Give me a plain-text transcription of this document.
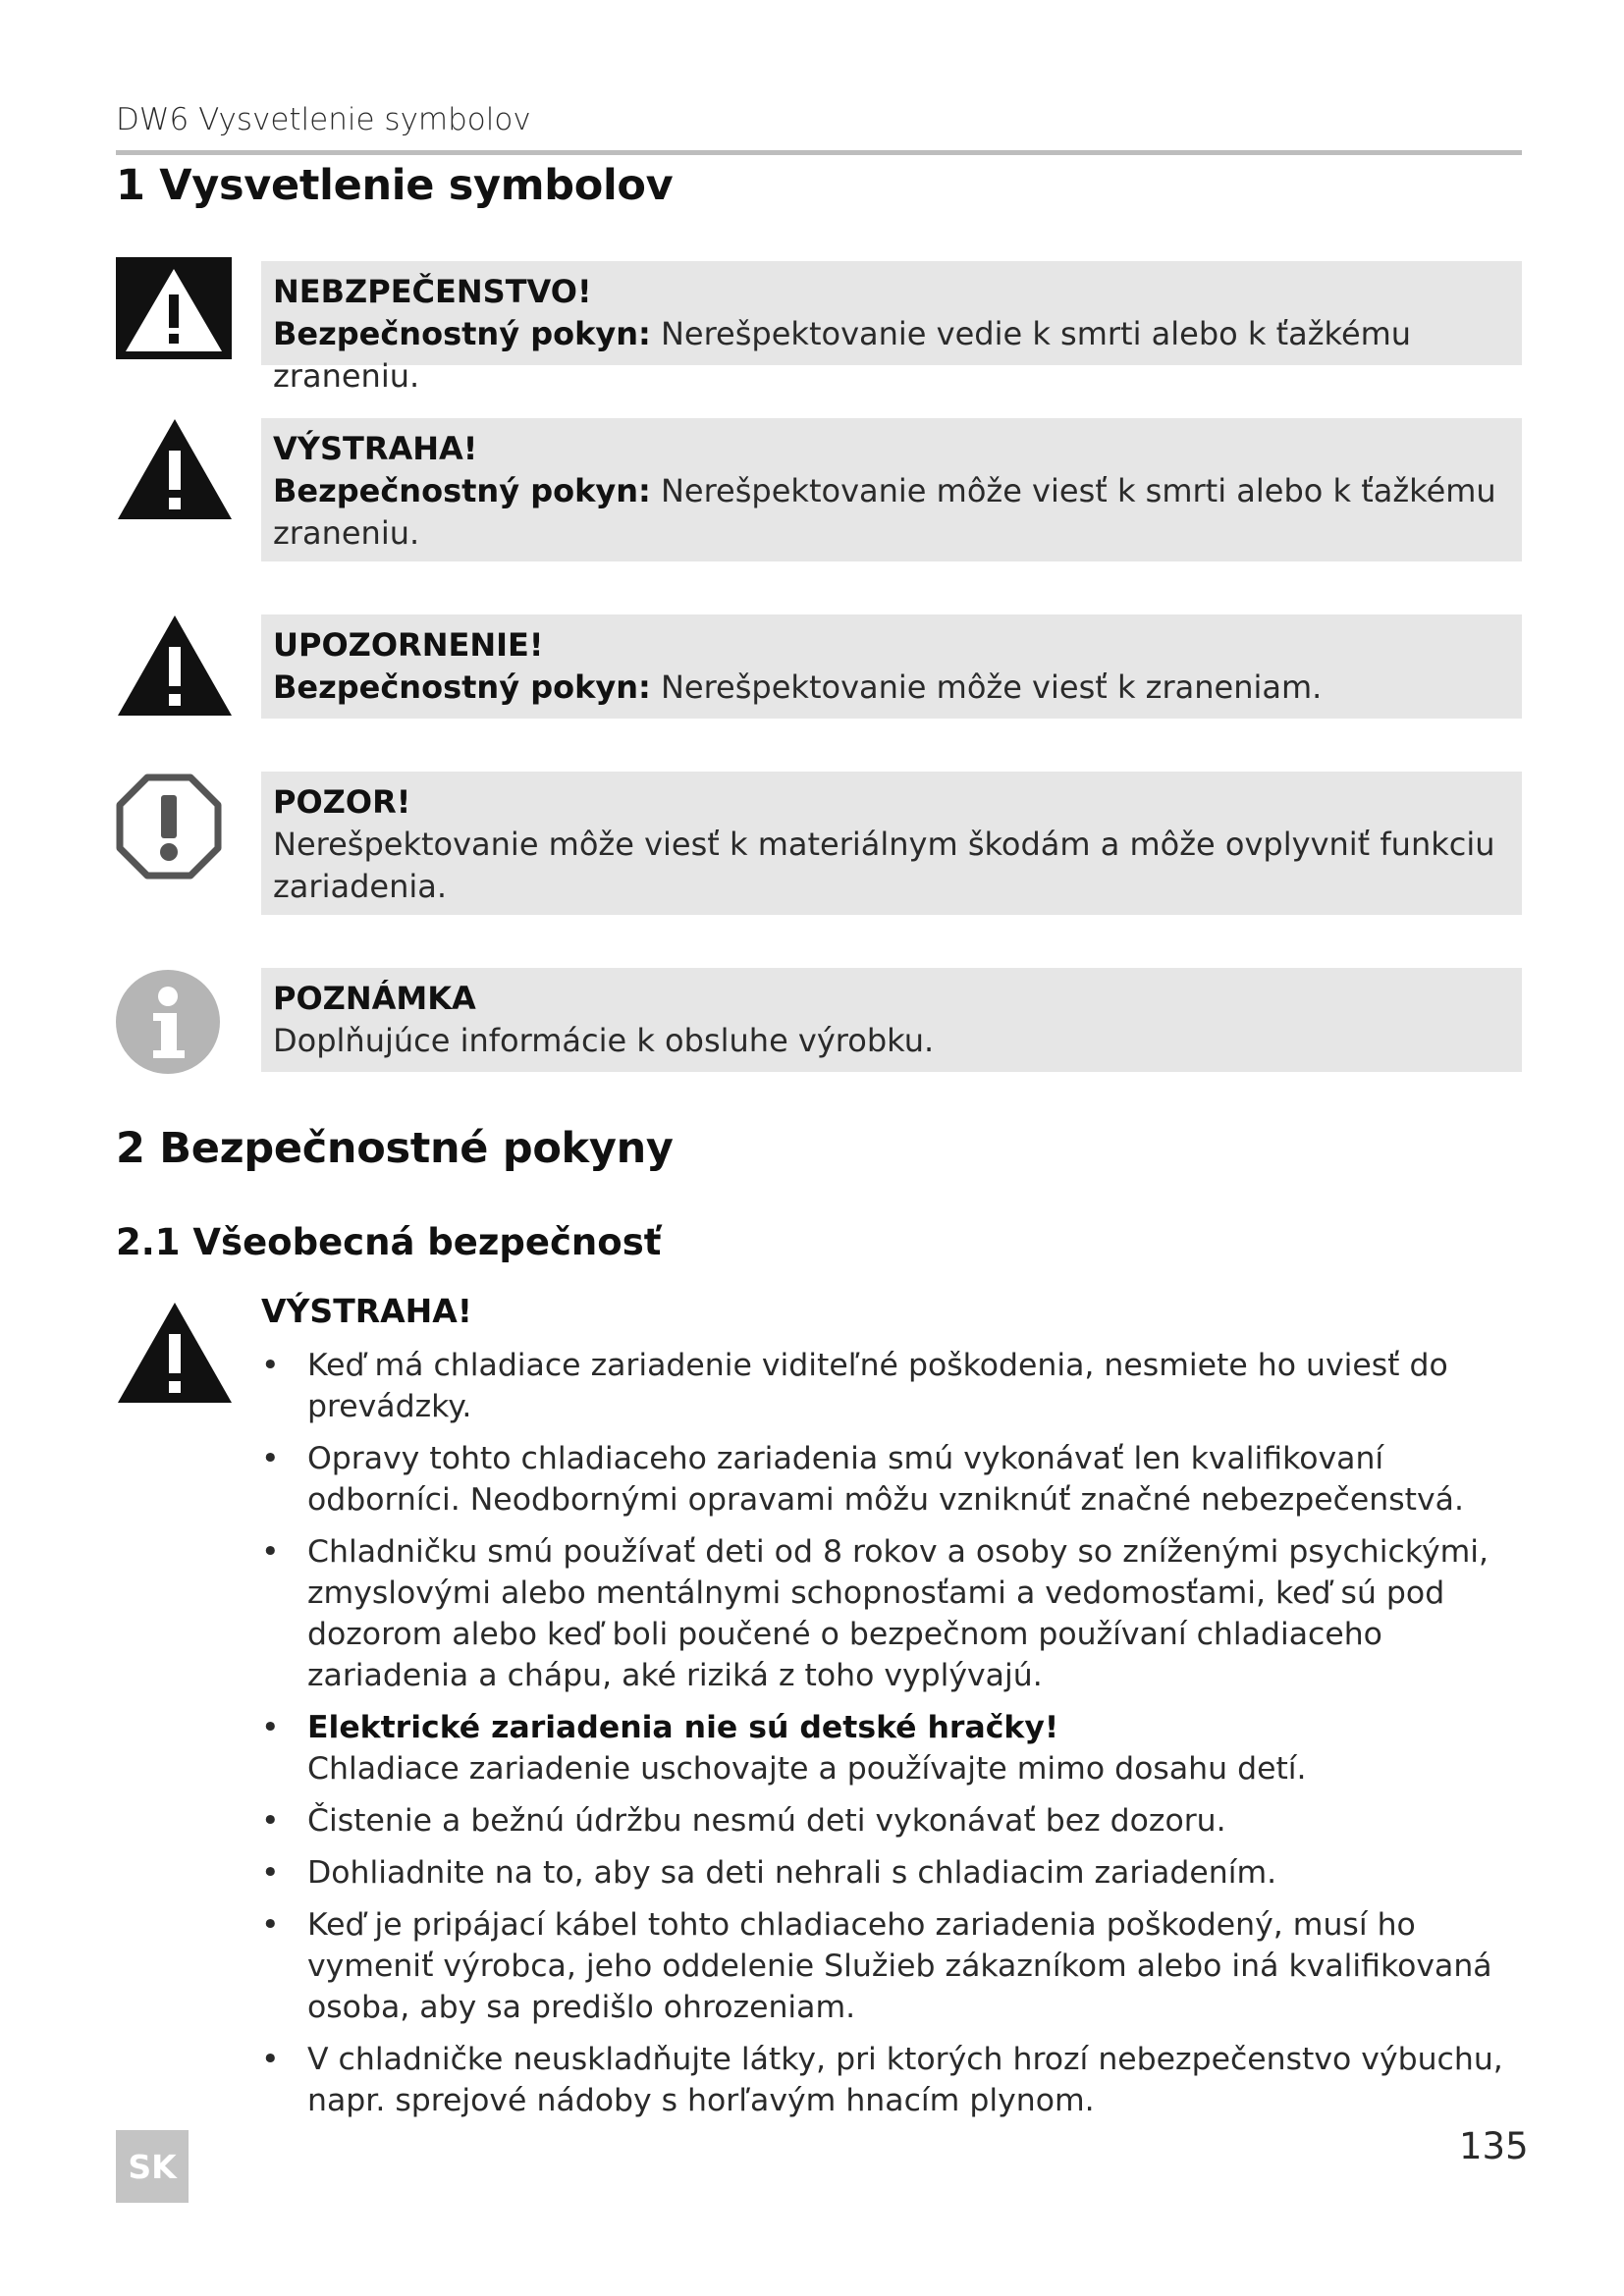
DW6 Vysvetlenie symbolov
1 Vysvetlenie symbolov
NEBZPEČENSTVO!
Bezpečnostný pokyn: Nerešpektovanie vedie k smrti alebo k ťažkému zraneniu.
VÝSTRAHA!
Bezpečnostný pokyn: Nerešpektovanie môže viesť k smrti alebo k ťažkému zraneniu.
UPOZORNENIE!
Bezpečnostný pokyn: Nerešpektovanie môže viesť k zraneniam.
POZOR!
Nerešpektovanie môže viesť k materiálnym škodám a môže ovplyvniť funkciu zariadenia.
POZNÁMKA
Doplňujúce informácie k obsluhe výrobku.
2 Bezpečnostné pokyny
2.1 Všeobecná bezpečnosť
VÝSTRAHA!
• Keď má chladiace zariadenie viditeľné poškodenia, nesmiete ho uviesť do prevádzky.
• Opravy tohto chladiaceho zariadenia smú vykonávať len kvalifikovaní odborníci. Neodbornými opravami môžu vzniknúť značné nebezpečenstvá.
• Chladničku smú používať deti od 8 rokov a osoby so zníženými psychickými, zmyslovými alebo mentálnymi schopnosťami a vedomosťami, keď sú pod dozorom alebo keď boli poučené o bezpečnom používaní chladiaceho zariadenia a chápu, aké riziká z toho vyplývajú.
• Elektrické zariadenia nie sú detské hračky!
Chladiace zariadenie uschovajte a používajte mimo dosahu detí.
• Čistenie a bežnú údržbu nesmú deti vykonávať bez dozoru.
• Dohliadnite na to, aby sa deti nehrali s chladiacim zariadením.
• Keď je pripájací kábel tohto chladiaceho zariadenia poškodený, musí ho vymeniť výrobca, jeho oddelenie Služieb zákazníkom alebo iná kvalifikovaná osoba, aby sa predišlo ohrozeniam.
• V chladničke neuskladňujte látky, pri ktorých hrozí nebezpečenstvo výbuchu, napr. sprejové nádoby s horľavým hnacím plynom.
135
SK
